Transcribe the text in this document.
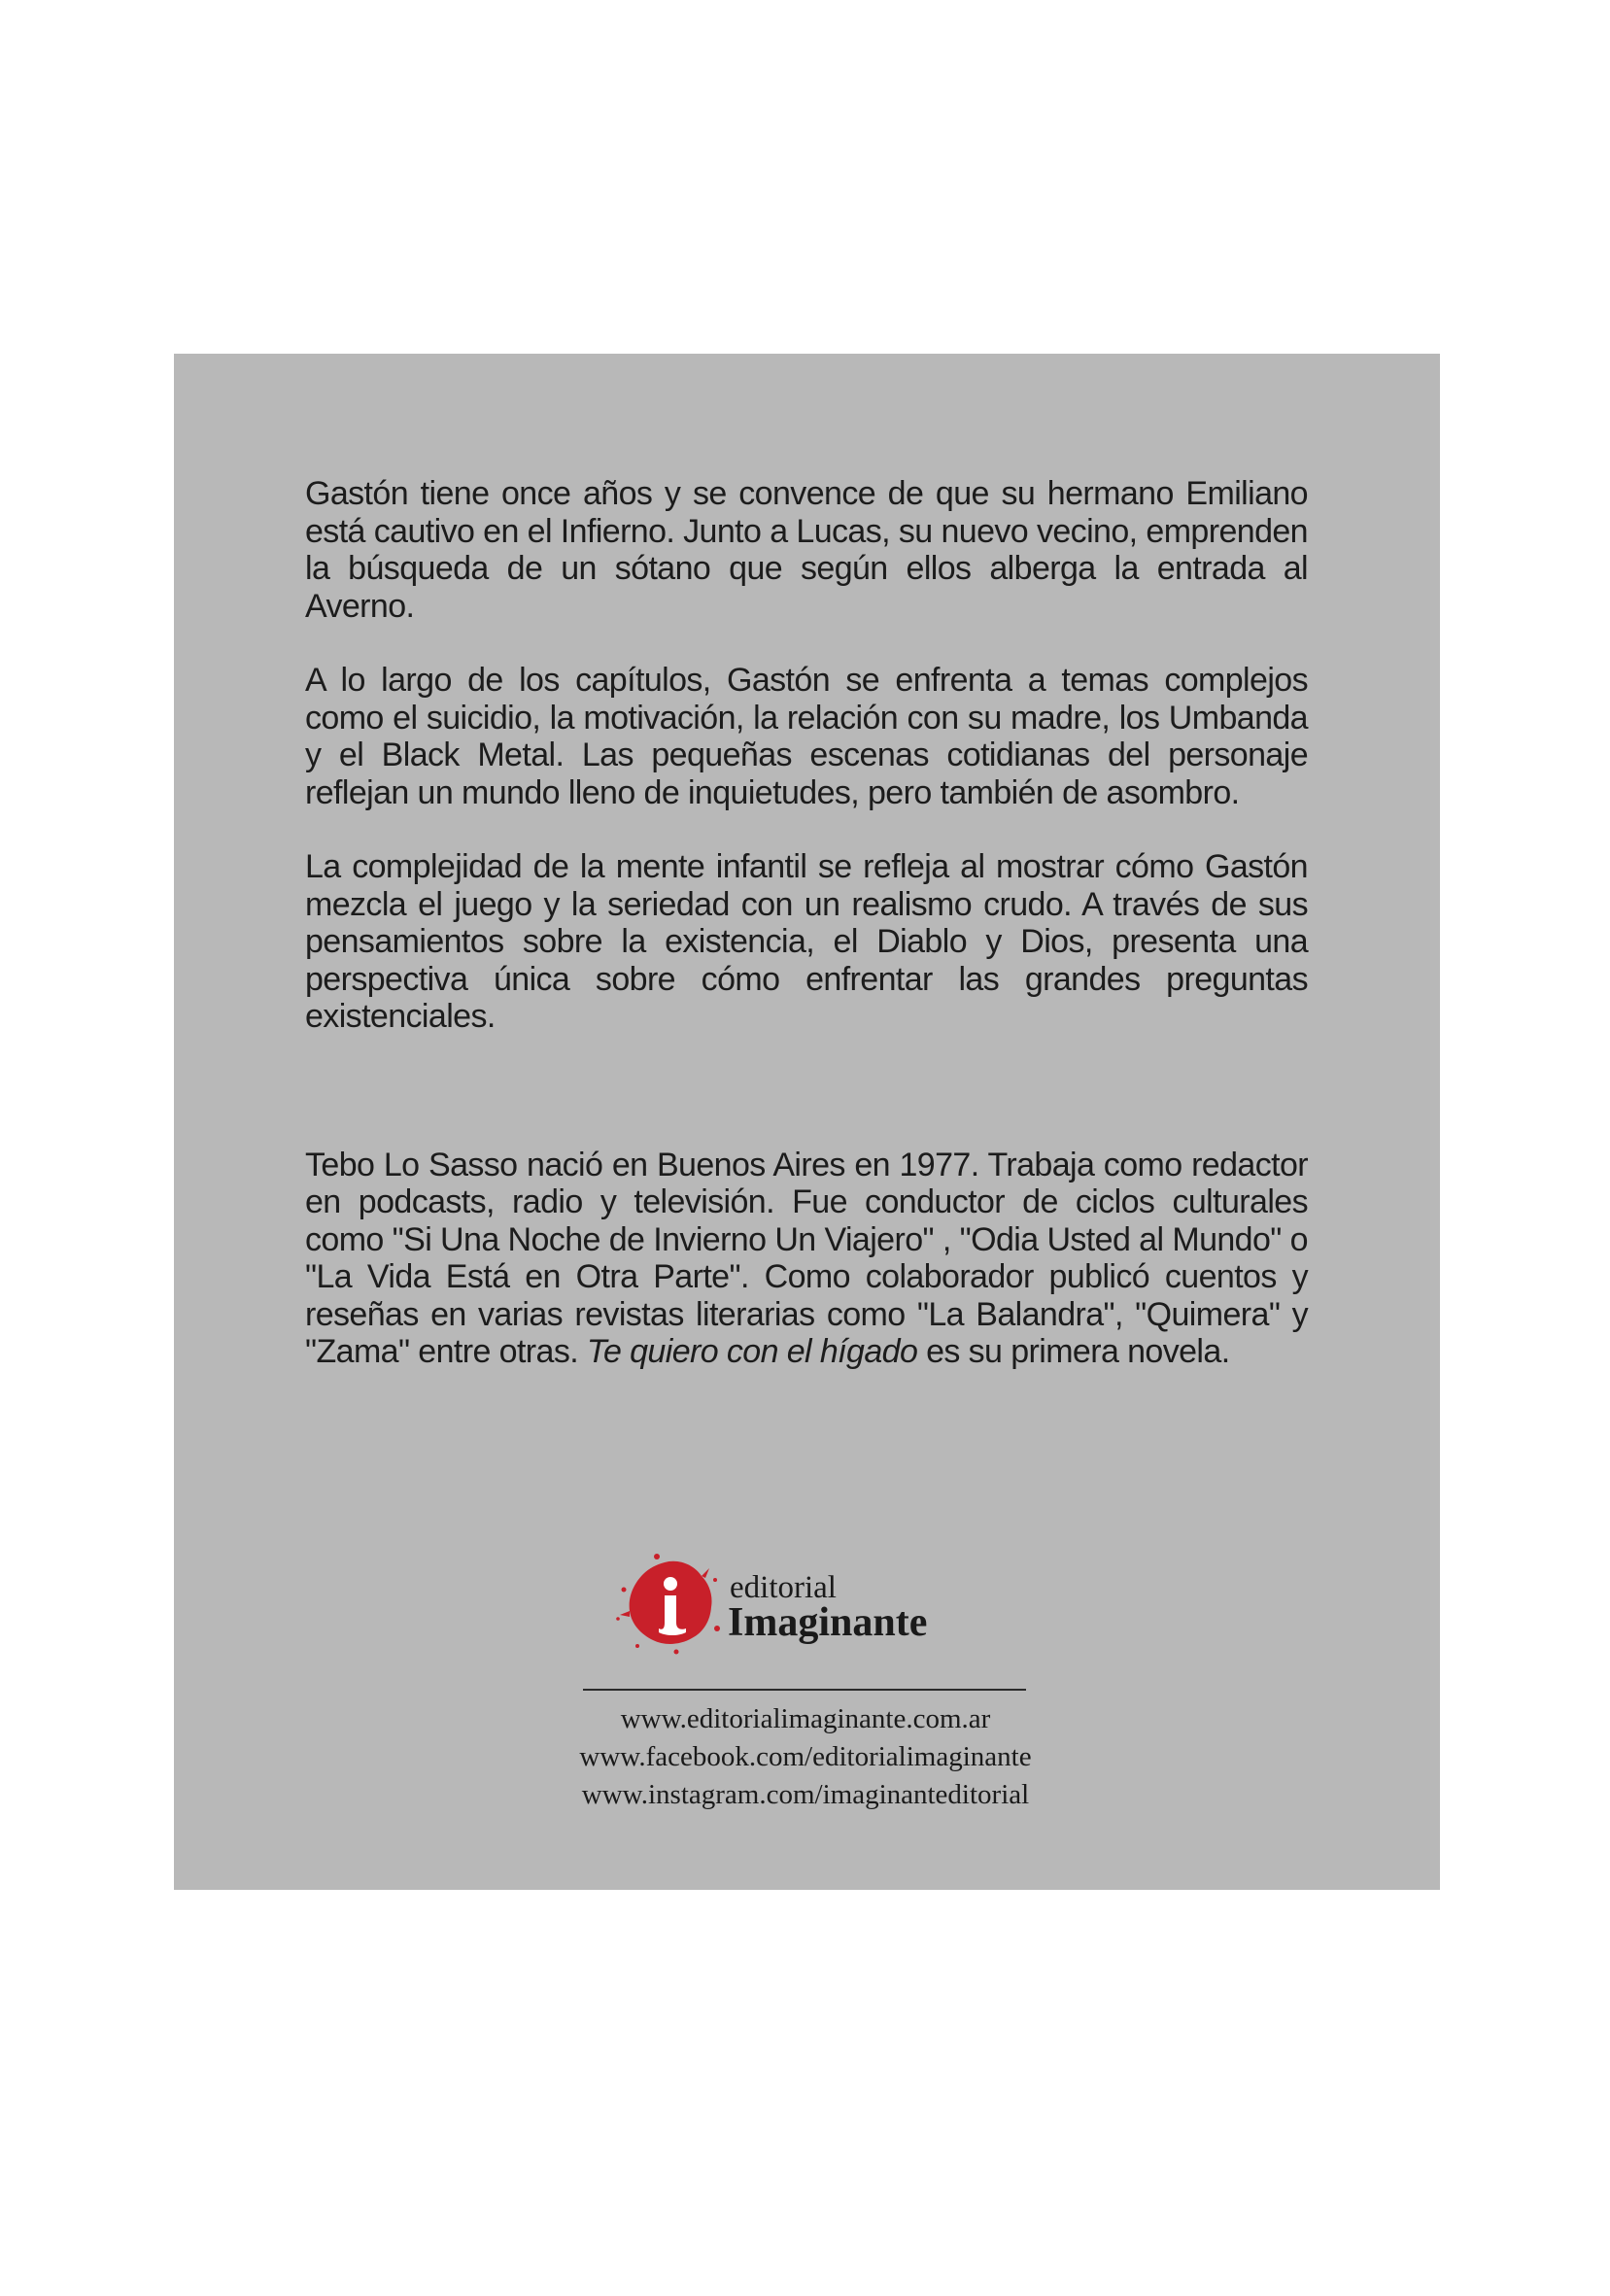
Gastón tiene once años y se convence de que su hermano Emiliano está cautivo en el Infierno. Junto a Lucas, su nuevo vecino, emprenden la búsqueda de un sótano que según ellos alberga la entrada al Averno.

A lo largo de los capítulos, Gastón se enfrenta a temas complejos como el suicidio, la motivación, la relación con su madre, los Umbanda y el Black Metal. Las pequeñas escenas cotidianas del personaje reflejan un mundo lleno de inquietudes, pero también de asombro.

La complejidad de la mente infantil se refleja al mostrar cómo Gastón mezcla el juego y la seriedad con un realismo crudo. A través de sus pensamientos sobre la existencia, el Diablo y Dios, presenta una perspectiva única sobre cómo enfrentar las grandes preguntas existenciales.

Tebo Lo Sasso nació en Buenos Aires en 1977. Trabaja como redactor en podcasts, radio y televisión. Fue conductor de ciclos culturales como "Si Una Noche de Invierno Un Viajero" , "Odia Usted al Mundo" o "La Vida Está en Otra Parte". Como colaborador publicó cuentos y reseñas en varias revistas literarias como "La Balandra", "Quimera" y "Zama" entre otras. Te quiero con el hígado es su primera novela.

editorial
Imaginante
www.editorialimaginante.com.ar
www.facebook.com/editorialimaginante
www.instagram.com/imaginanteditorial
